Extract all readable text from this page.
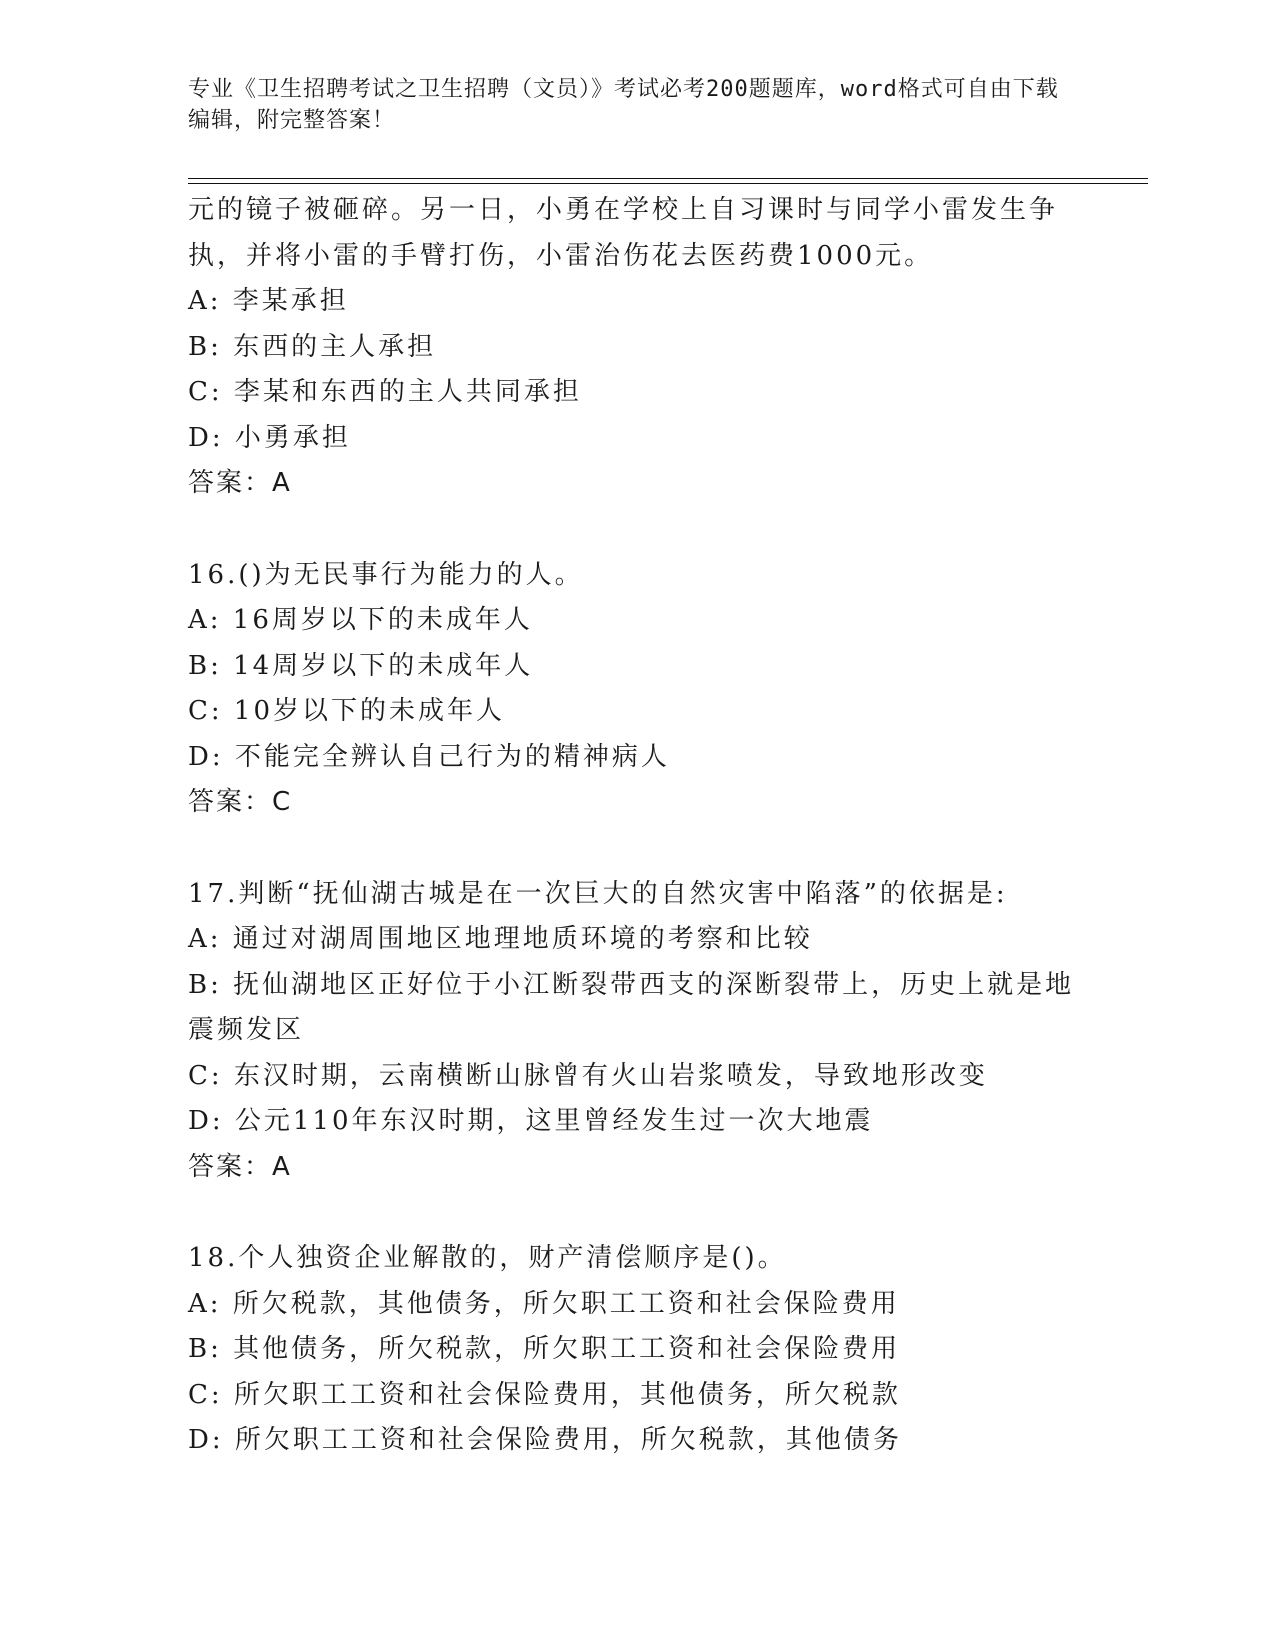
专业《卫生招聘考试之卫生招聘（文员）》考试必考200题题库，word格式可自由下载编辑，附完整答案！
元的镜子被砸碎。另一日，小勇在学校上自习课时与同学小雷发生争
执，并将小雷的手臂打伤，小雷治伤花去医药费1000元。
A: 李某承担
B: 东西的主人承担
C: 李某和东西的主人共同承担
D: 小勇承担
答案：A
16.()为无民事行为能力的人。
A: 16周岁以下的未成年人
B: 14周岁以下的未成年人
C: 10岁以下的未成年人
D: 不能完全辨认自己行为的精神病人
答案：C
17.判断“抚仙湖古城是在一次巨大的自然灾害中陷落”的依据是:
A: 通过对湖周围地区地理地质环境的考察和比较
B: 抚仙湖地区正好位于小江断裂带西支的深断裂带上，历史上就是地
震频发区
C: 东汉时期，云南横断山脉曾有火山岩浆喷发，导致地形改变
D: 公元110年东汉时期，这里曾经发生过一次大地震
答案：A
18.个人独资企业解散的，财产清偿顺序是()。
A: 所欠税款，其他债务，所欠职工工资和社会保险费用
B: 其他债务，所欠税款，所欠职工工资和社会保险费用
C: 所欠职工工资和社会保险费用，其他债务，所欠税款
D: 所欠职工工资和社会保险费用，所欠税款，其他债务
